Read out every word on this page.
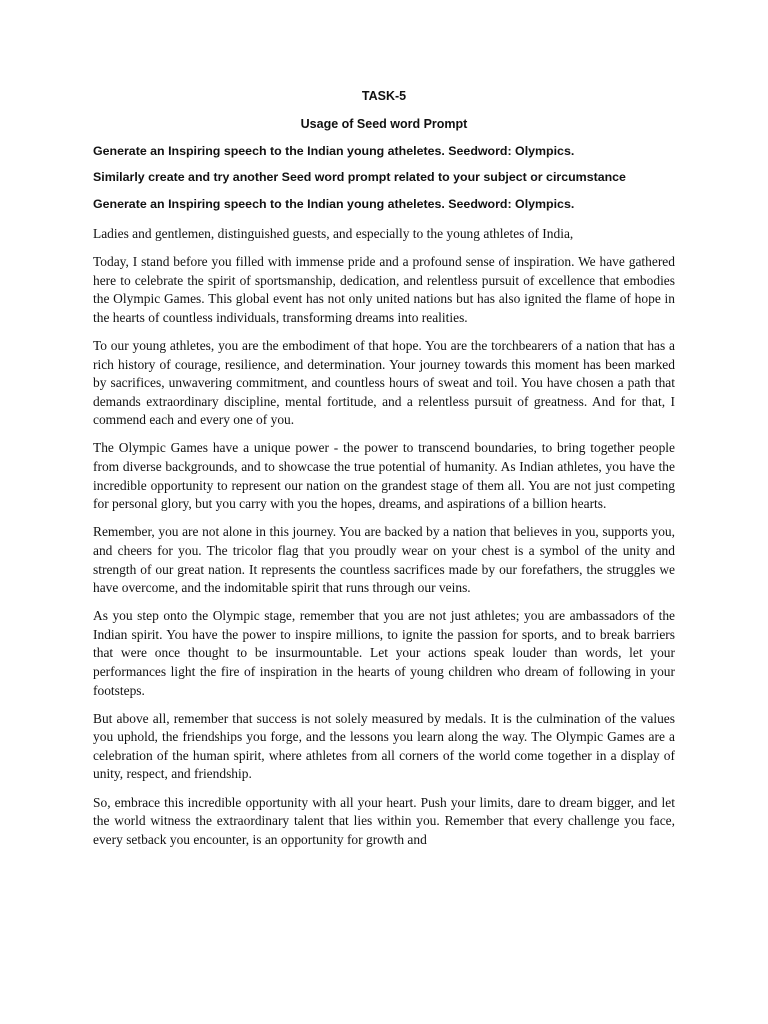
TASK-5

Usage of Seed word Prompt

Generate an Inspiring speech to the Indian young atheletes. Seedword: Olympics.

Similarly create and try another Seed word prompt related to your subject or circumstance

Generate an Inspiring speech to the Indian young atheletes. Seedword: Olympics.

Ladies and gentlemen, distinguished guests, and especially to the young athletes of India,

Today, I stand before you filled with immense pride and a profound sense of inspiration. We have gathered here to celebrate the spirit of sportsmanship, dedication, and relentless pursuit of excellence that embodies the Olympic Games. This global event has not only united nations but has also ignited the flame of hope in the hearts of countless individuals, transforming dreams into realities.

To our young athletes, you are the embodiment of that hope. You are the torchbearers of a nation that has a rich history of courage, resilience, and determination. Your journey towards this moment has been marked by sacrifices, unwavering commitment, and countless hours of sweat and toil. You have chosen a path that demands extraordinary discipline, mental fortitude, and a relentless pursuit of greatness. And for that, I commend each and every one of you.

The Olympic Games have a unique power - the power to transcend boundaries, to bring together people from diverse backgrounds, and to showcase the true potential of humanity. As Indian athletes, you have the incredible opportunity to represent our nation on the grandest stage of them all. You are not just competing for personal glory, but you carry with you the hopes, dreams, and aspirations of a billion hearts.

Remember, you are not alone in this journey. You are backed by a nation that believes in you, supports you, and cheers for you. The tricolor flag that you proudly wear on your chest is a symbol of the unity and strength of our great nation. It represents the countless sacrifices made by our forefathers, the struggles we have overcome, and the indomitable spirit that runs through our veins.

As you step onto the Olympic stage, remember that you are not just athletes; you are ambassadors of the Indian spirit. You have the power to inspire millions, to ignite the passion for sports, and to break barriers that were once thought to be insurmountable. Let your actions speak louder than words, let your performances light the fire of inspiration in the hearts of young children who dream of following in your footsteps.

But above all, remember that success is not solely measured by medals. It is the culmination of the values you uphold, the friendships you forge, and the lessons you learn along the way. The Olympic Games are a celebration of the human spirit, where athletes from all corners of the world come together in a display of unity, respect, and friendship.

So, embrace this incredible opportunity with all your heart. Push your limits, dare to dream bigger, and let the world witness the extraordinary talent that lies within you. Remember that every challenge you face, every setback you encounter, is an opportunity for growth and
